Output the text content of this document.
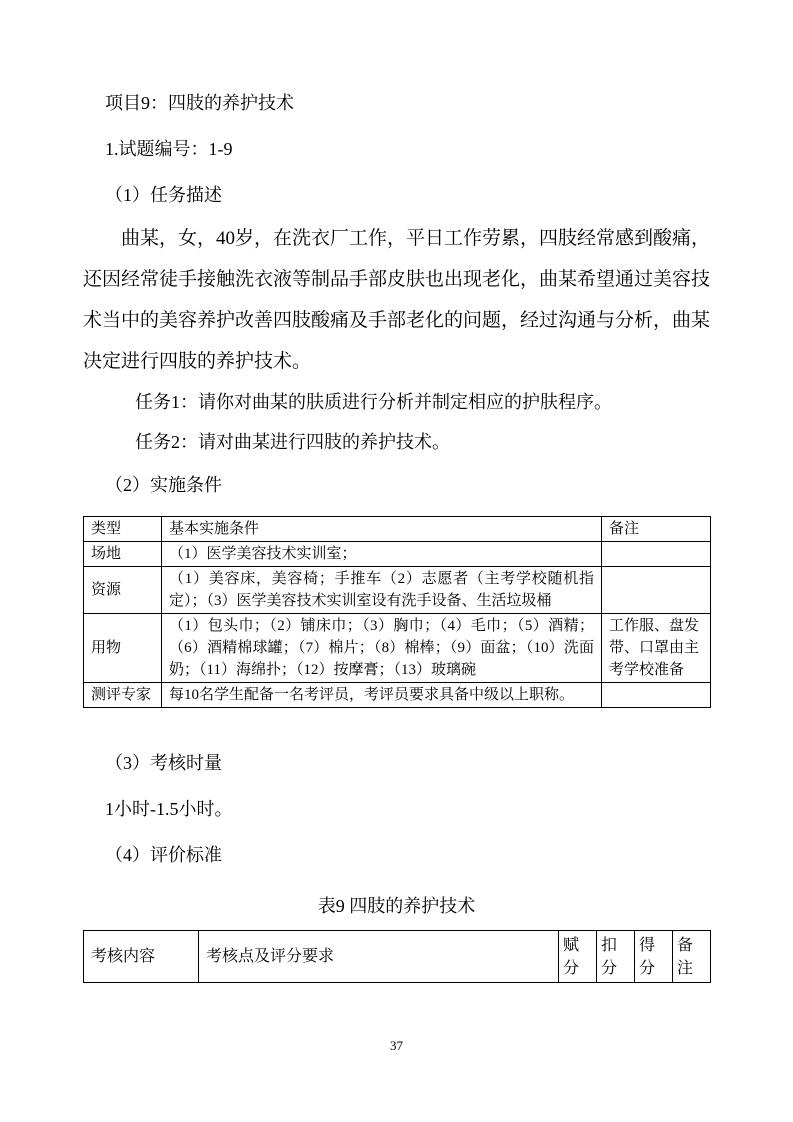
项目9：四肢的养护技术

1.试题编号：1-9

（1）任务描述

曲某，女，40岁，在洗衣厂工作，平日工作劳累，四肢经常感到酸痛，还因经常徒手接触洗衣液等制品手部皮肤也出现老化，曲某希望通过美容技术当中的美容养护改善四肢酸痛及手部老化的问题，经过沟通与分析，曲某决定进行四肢的养护技术。

任务1：请你对曲某的肤质进行分析并制定相应的护肤程序。

任务2：请对曲某进行四肢的养护技术。

（2）实施条件

类型	基本实施条件	备注
场地	（1）医学美容技术实训室；	
资源	（1）美容床，美容椅；手推车（2）志愿者（主考学校随机指定）；（3）医学美容技术实训室设有洗手设备、生活垃圾桶	
用物	（1）包头巾；（2）铺床巾；（3）胸巾；（4）毛巾；（5）酒精；（6）酒精棉球罐；（7）棉片；（8）棉棒；（9）面盆；（10）洗面奶；（11）海绵扑；（12）按摩膏；（13）玻璃碗	工作服、盘发带、口罩由主考学校准备
测评专家	每10名学生配备一名考评员，考评员要求具备中级以上职称。	

（3）考核时量

1小时-1.5小时。

（4）评价标准

表9 四肢的养护技术

考核内容	考核点及评分要求	赋分	扣分	得分	备注
37
